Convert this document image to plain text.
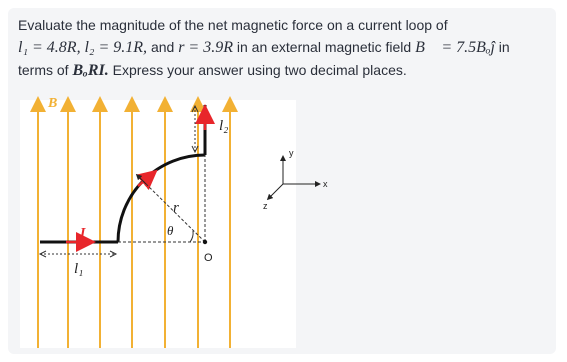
Evaluate the magnitude of the net magnetic force on a current loop of
l₁ = 4.8R, l₂ = 9.1R, and r = 3.9R in an external magnetic field B⃗ = 7.5Bₒĵ in
terms of BₒRI. Express your answer using two decimal places.
B
I
r
θ
O
l₁
l₂
y
x
z
